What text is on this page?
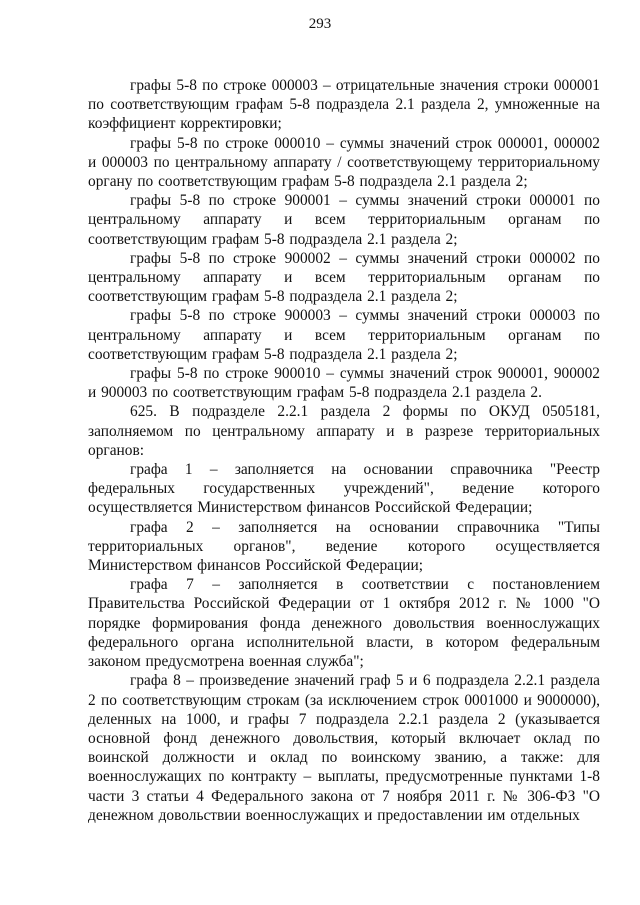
293

графы 5-8 по строке 000003 – отрицательные значения строки 000001 по соответствующим графам 5-8 подраздела 2.1 раздела 2, умноженные на коэффициент корректировки;

графы 5-8 по строке 000010 – суммы значений строк 000001, 000002 и 000003 по центральному аппарату / соответствующему территориальному органу по соответствующим графам 5-8 подраздела 2.1 раздела 2;

графы 5-8 по строке 900001 – суммы значений строки 000001 по центральному аппарату и всем территориальным органам по соответствующим графам 5-8 подраздела 2.1 раздела 2;

графы 5-8 по строке 900002 – суммы значений строки 000002 по центральному аппарату и всем территориальным органам по соответствующим графам 5-8 подраздела 2.1 раздела 2;

графы 5-8 по строке 900003 – суммы значений строки 000003 по центральному аппарату и всем территориальным органам по соответствующим графам 5-8 подраздела 2.1 раздела 2;

графы 5-8 по строке 900010 – суммы значений строк 900001, 900002 и 900003 по соответствующим графам 5-8 подраздела 2.1 раздела 2.

625. В подразделе 2.2.1 раздела 2 формы по ОКУД 0505181, заполняемом по центральному аппарату и в разрезе территориальных органов:

графа 1 – заполняется на основании справочника "Реестр федеральных государственных учреждений", ведение которого осуществляется Министерством финансов Российской Федерации;

графа 2 – заполняется на основании справочника "Типы территориальных органов", ведение которого осуществляется Министерством финансов Российской Федерации;

графа 7 – заполняется в соответствии с постановлением Правительства Российской Федерации от 1 октября 2012 г. № 1000 "О порядке формирования фонда денежного довольствия военнослужащих федерального органа исполнительной власти, в котором федеральным законом предусмотрена военная служба";

графа 8 – произведение значений граф 5 и 6 подраздела 2.2.1 раздела 2 по соответствующим строкам (за исключением строк 0001000 и 9000000), деленных на 1000, и графы 7 подраздела 2.2.1 раздела 2 (указывается основной фонд денежного довольствия, который включает оклад по воинской должности и оклад по воинскому званию, а также: для военнослужащих по контракту – выплаты, предусмотренные пунктами 1-8 части 3 статьи 4 Федерального закона от 7 ноября 2011 г. № 306-ФЗ "О денежном довольствии военнослужащих и предоставлении им отдельных
